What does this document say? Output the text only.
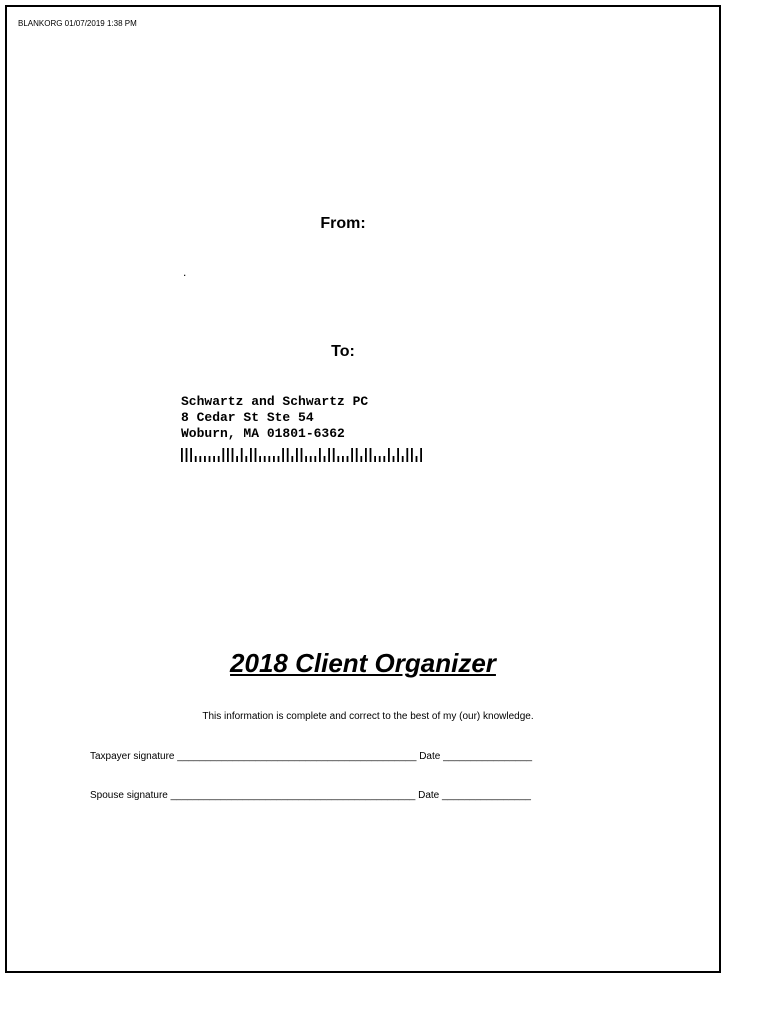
BLANKORG 01/07/2019 1:38 PM
From:
.
To:
Schwartz and Schwartz PC
8 Cedar St Ste 54
Woburn, MA 01801-6362
2018 Client Organizer
This information is complete and correct to the best of my (our) knowledge.
Taxpayer signature ___________________________________________ Date ________________
Spouse signature ____________________________________________ Date ________________
